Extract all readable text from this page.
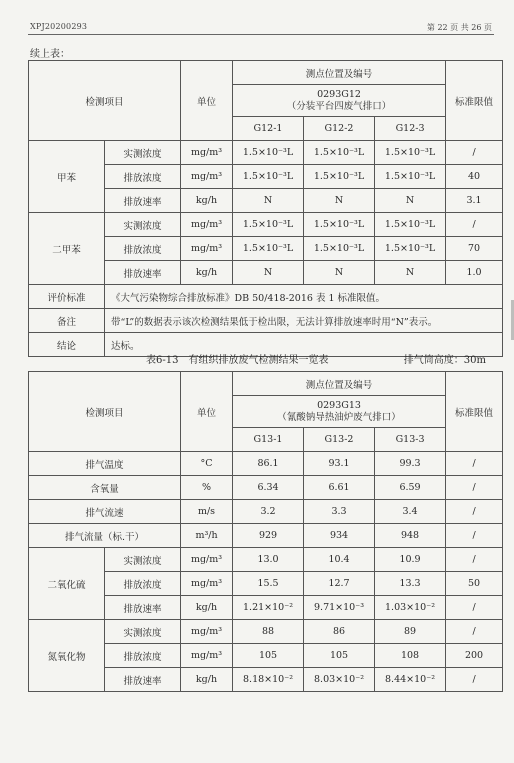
XPJ20200293	第 22 页 共 26 页
续上表：
检测项目		单位	测点位置及编号			标准限值

			0293G12
（分装平台四废气排口）			

			G12-1	G12-2	G12-3	
甲苯	实测浓度	mg/m³	1.5×10⁻³L	1.5×10⁻³L	1.5×10⁻³L	/
	排放浓度	mg/m³	1.5×10⁻³L	1.5×10⁻³L	1.5×10⁻³L	40
	排放速率	kg/h	N	N	N	3.1
二甲苯	实测浓度	mg/m³	1.5×10⁻³L	1.5×10⁻³L	1.5×10⁻³L	/
	排放浓度	mg/m³	1.5×10⁻³L	1.5×10⁻³L	1.5×10⁻³L	70
	排放速率	kg/h	N	N	N	1.0
评价标准	《大气污染物综合排放标准》DB 50/418-2016 表 1 标准限值。					
备注	带“L”的数据表示该次检测结果低于检出限，无法计算排放速率时用“N”表示。					
结论	达标。					
表6-13　有组织排放废气检测结果一览表	排气筒高度：30m
检测项目		单位	测点位置及编号			标准限值

			0293G13
（氰酸钠导热油炉废气排口）			

			G13-1	G13-2	G13-3	
排气温度		°C	86.1	93.1	99.3	/
含氧量		%	6.34	6.61	6.59	/
排气流速		m/s	3.2	3.3	3.4	/
排气流量（标.干）		m³/h	929	934	948	/
二氧化硫	实测浓度	mg/m³	13.0	10.4	10.9	/
	排放浓度	mg/m³	15.5	12.7	13.3	50
	排放速率	kg/h	1.21×10⁻²	9.71×10⁻³	1.03×10⁻²	/
氮氧化物	实测浓度	mg/m³	88	86	89	/
	排放浓度	mg/m³	105	105	108	200
	排放速率	kg/h	8.18×10⁻²	8.03×10⁻²	8.44×10⁻²	/
